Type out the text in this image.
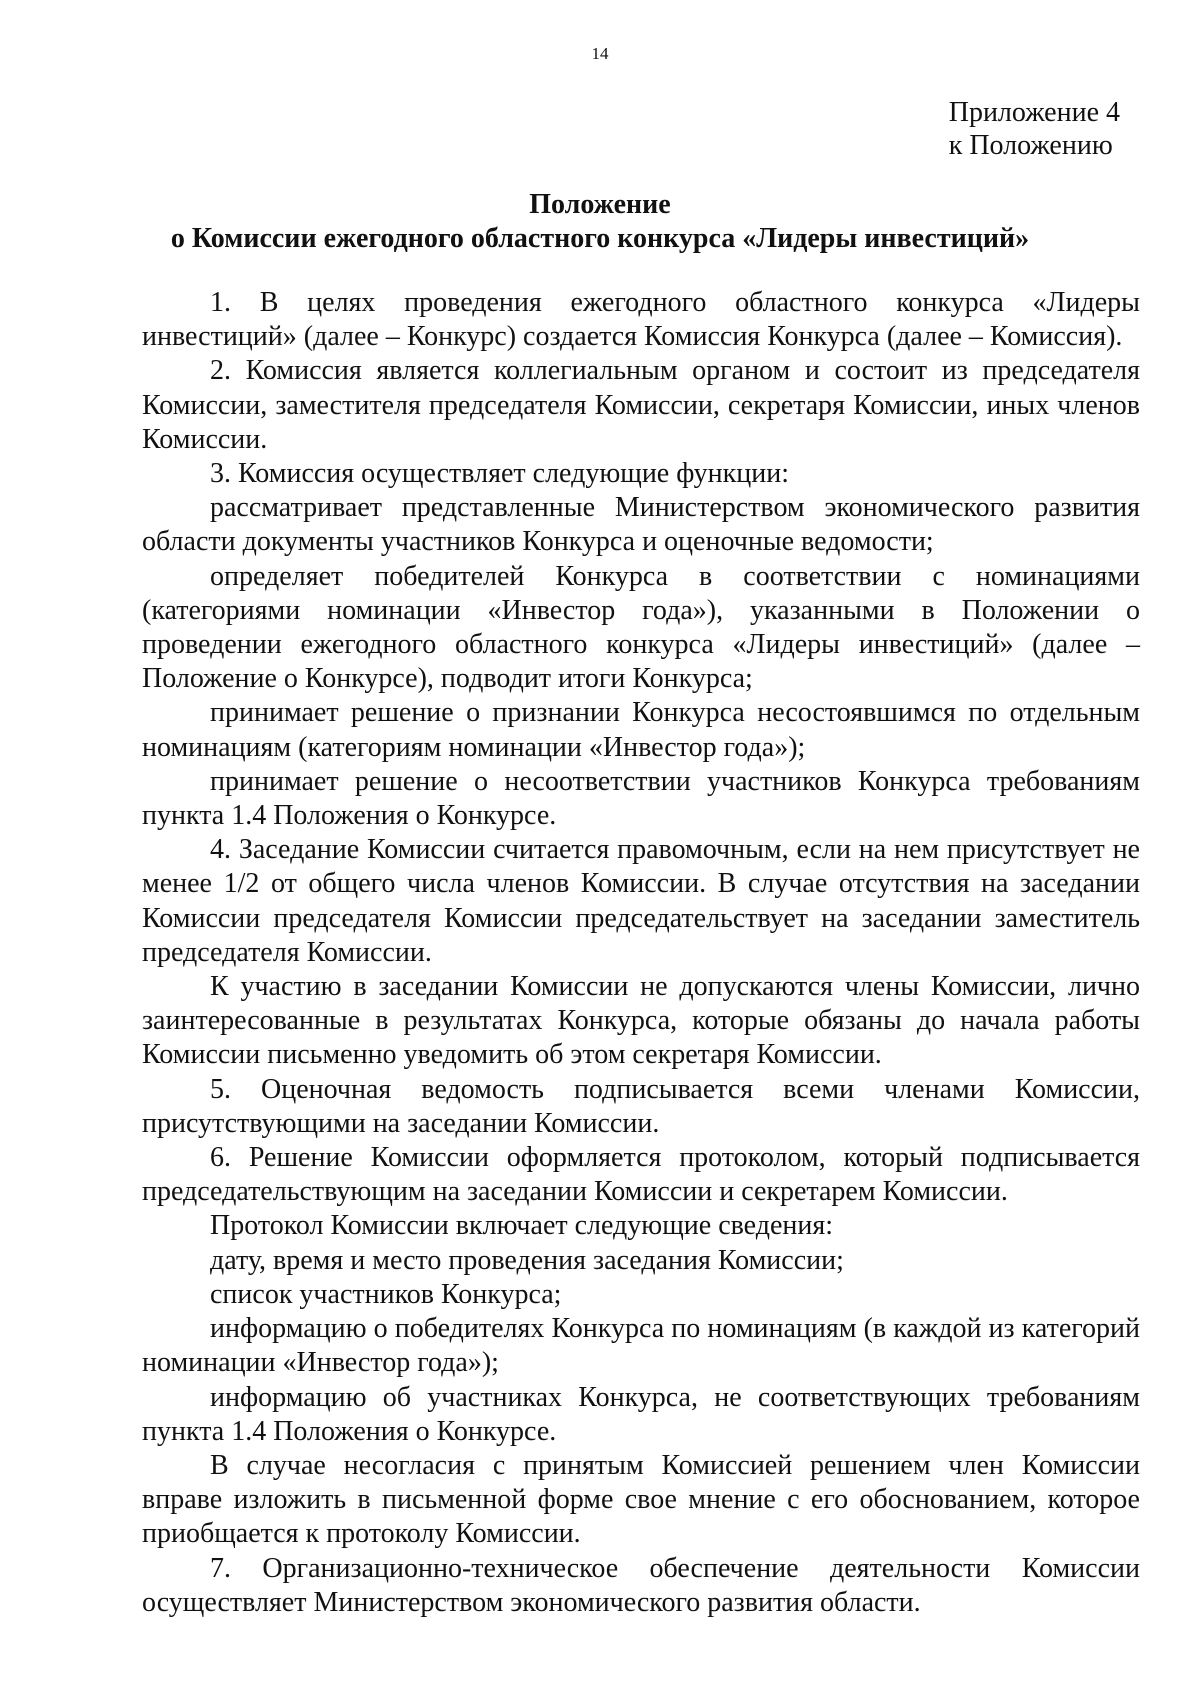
14
Приложение 4
к Положению
Положение
о Комиссии ежегодного областного конкурса «Лидеры инвестиций»

1. В целях проведения ежегодного областного конкурса «Лидеры инвестиций» (далее – Конкурс) создается Комиссия Конкурса (далее – Комиссия).

2. Комиссия является коллегиальным органом и состоит из председателя Комиссии, заместителя председателя Комиссии, секретаря Комиссии, иных членов Комиссии.

3. Комиссия осуществляет следующие функции:

рассматривает представленные Министерством экономического развития области документы участников Конкурса и оценочные ведомости;

определяет победителей Конкурса в соответствии с номинациями (категориями номинации «Инвестор года»), указанными в Положении о проведении ежегодного областного конкурса «Лидеры инвестиций» (далее – Положение о Конкурсе), подводит итоги Конкурса;

принимает решение о признании Конкурса несостоявшимся по отдельным номинациям (категориям номинации «Инвестор года»);

принимает решение о несоответствии участников Конкурса требованиям пункта 1.4 Положения о Конкурсе.

4. Заседание Комиссии считается правомочным, если на нем присутствует не менее 1/2 от общего числа членов Комиссии. В случае отсутствия на заседании Комиссии председателя Комиссии председательствует на заседании заместитель председателя Комиссии.

К участию в заседании Комиссии не допускаются члены Комиссии, лично заинтересованные в результатах Конкурса, которые обязаны до начала работы Комиссии письменно уведомить об этом секретаря Комиссии.

5. Оценочная ведомость подписывается всеми членами Комиссии, присутствующими на заседании Комиссии.

6. Решение Комиссии оформляется протоколом, который подписывается председательствующим на заседании Комиссии и секретарем Комиссии.

Протокол Комиссии включает следующие сведения:

дату, время и место проведения заседания Комиссии;

список участников Конкурса;

информацию о победителях Конкурса по номинациям (в каждой из категорий номинации «Инвестор года»);

информацию об участниках Конкурса, не соответствующих требованиям пункта 1.4 Положения о Конкурсе.

В случае несогласия с принятым Комиссией решением член Комиссии вправе изложить в письменной форме свое мнение с его обоснованием, которое приобщается к протоколу Комиссии.

7. Организационно-техническое обеспечение деятельности Комиссии осуществляет Министерством экономического развития области.
